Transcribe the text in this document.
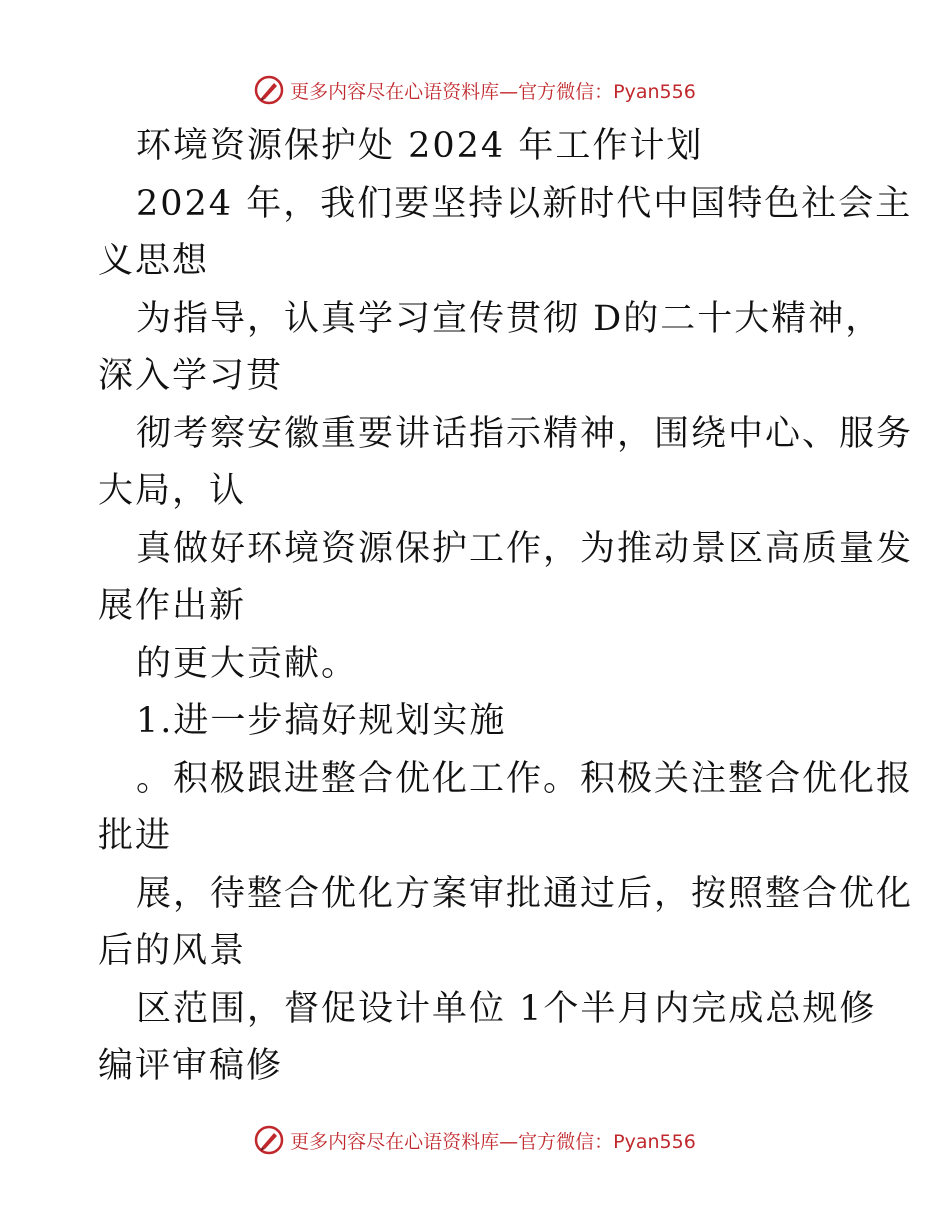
更多内容尽在心语资料库—官方微信：Pyan556
环境资源保护处 2024 年工作计划
2024 年，我们要坚持以新时代中国特色社会主
义思想
为指导，认真学习宣传贯彻 D的二十大精神，
深入学习贯
彻考察安徽重要讲话指示精神，围绕中心、服务
大局，认
真做好环境资源保护工作，为推动景区高质量发
展作出新
的更大贡献。
1.进一步搞好规划实施
。积极跟进整合优化工作。积极关注整合优化报
批进
展，待整合优化方案审批通过后，按照整合优化
后的风景
区范围，督促设计单位 1个半月内完成总规修
编评审稿修
更多内容尽在心语资料库—官方微信：Pyan556
